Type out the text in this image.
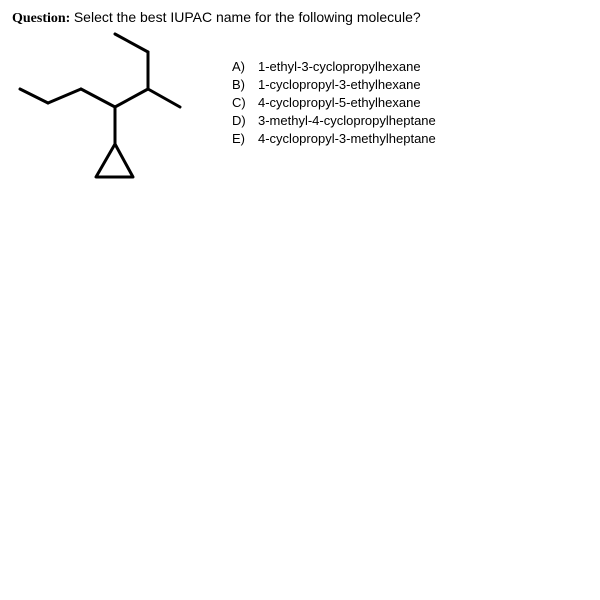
Question: Select the best IUPAC name for the following molecule?
A)	1-ethyl-3-cyclopropylhexane
B)	1-cyclopropyl-3-ethylhexane
C) 4-cyclopropyl-5-ethylhexane
D) 3-methyl-4-cyclopropylheptane
E)	4-cyclopropyl-3-methylheptane
